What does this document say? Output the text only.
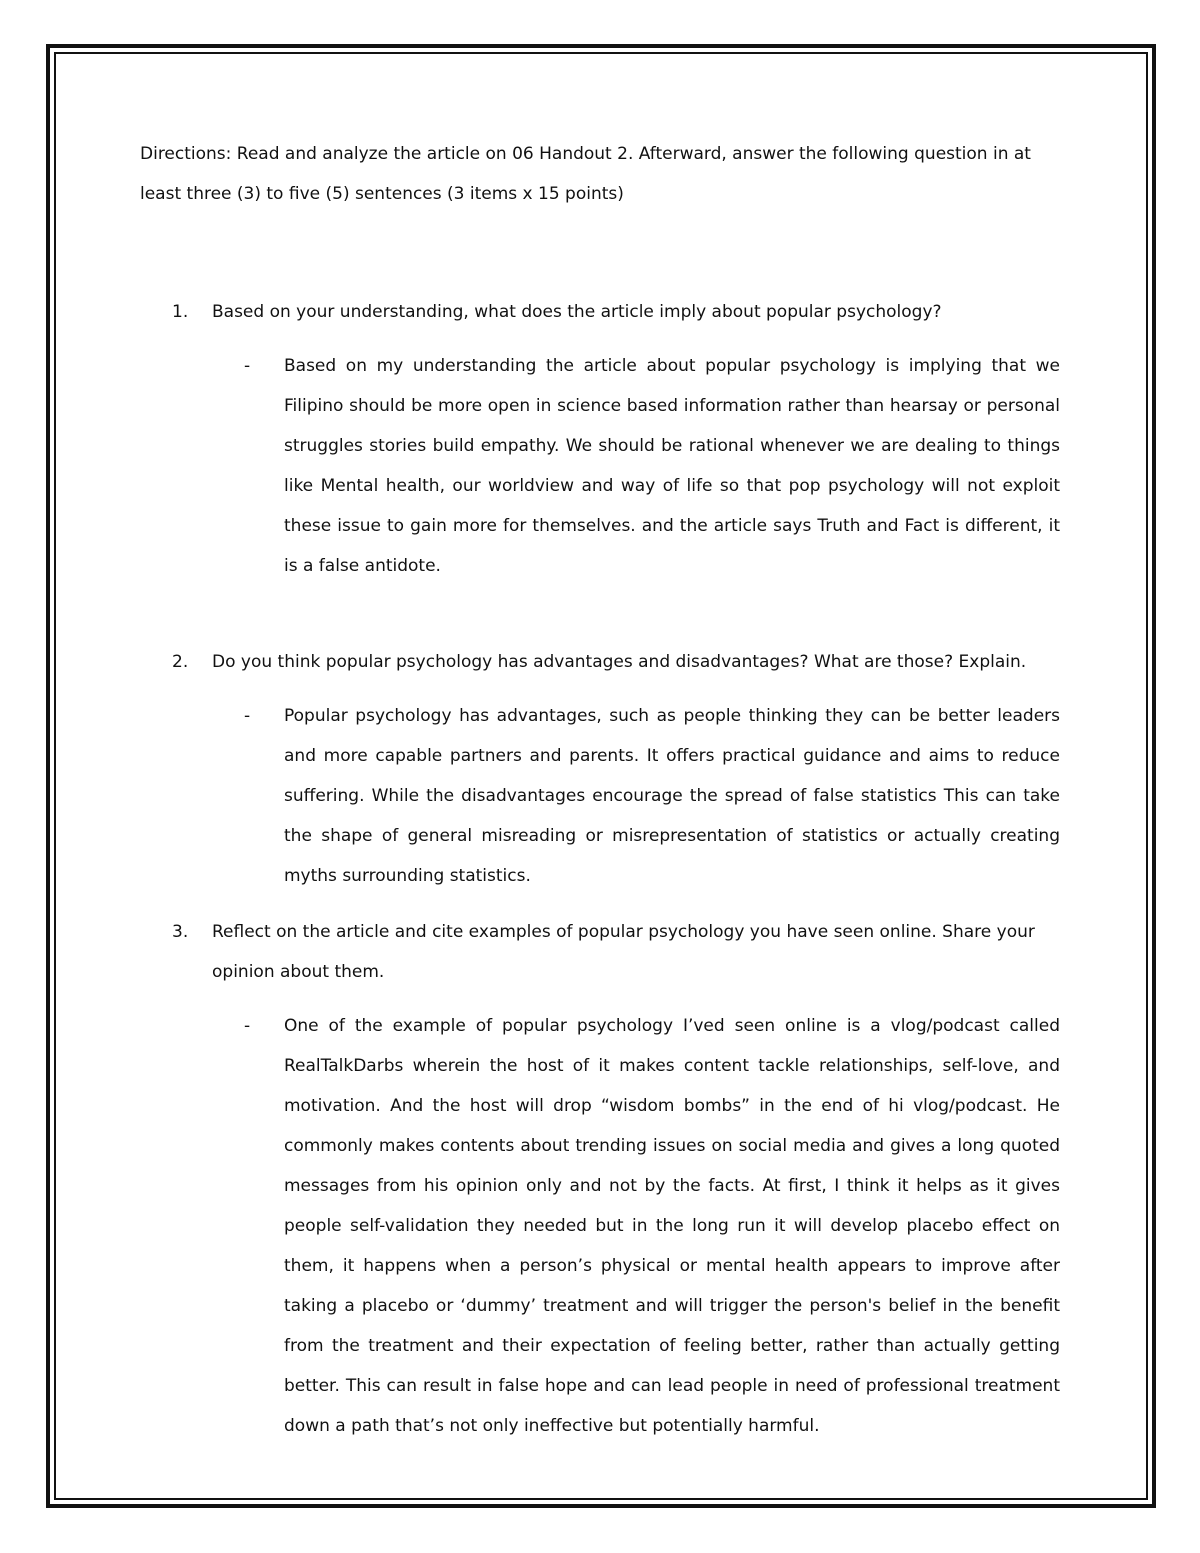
Directions: Read and analyze the article on 06 Handout 2. Afterward, answer the following question in at least three (3) to five (5) sentences (3 items x 15 points)

1. Based on your understanding, what does the article imply about popular psychology?

- Based on my understanding the article about popular psychology is implying that we Filipino should be more open in science based information rather than hearsay or personal struggles stories build empathy. We should be rational whenever we are dealing to things like Mental health, our worldview and way of life so that pop psychology will not exploit these issue to gain more for themselves. and the article says Truth and Fact is different, it is a false antidote.

2. Do you think popular psychology has advantages and disadvantages? What are those? Explain.

- Popular psychology has advantages, such as people thinking they can be better leaders and more capable partners and parents. It offers practical guidance and aims to reduce suffering. While the disadvantages encourage the spread of false statistics This can take the shape of general misreading or misrepresentation of statistics or actually creating myths surrounding statistics.

3. Reflect on the article and cite examples of popular psychology you have seen online. Share your opinion about them.

- One of the example of popular psychology I’ved seen online is a vlog/podcast called RealTalkDarbs wherein the host of it makes content tackle relationships, self-love, and motivation. And the host will drop “wisdom bombs” in the end of hi vlog/podcast. He commonly makes contents about trending issues on social media and gives a long quoted messages from his opinion only and not by the facts. At first, I think it helps as it gives people self-validation they needed but in the long run it will develop placebo effect on them, it happens when a person’s physical or mental health appears to improve after taking a placebo or ‘dummy’ treatment and will trigger the person's belief in the benefit from the treatment and their expectation of feeling better, rather than actually getting better. This can result in false hope and can lead people in need of professional treatment down a path that’s not only ineffective but potentially harmful.
